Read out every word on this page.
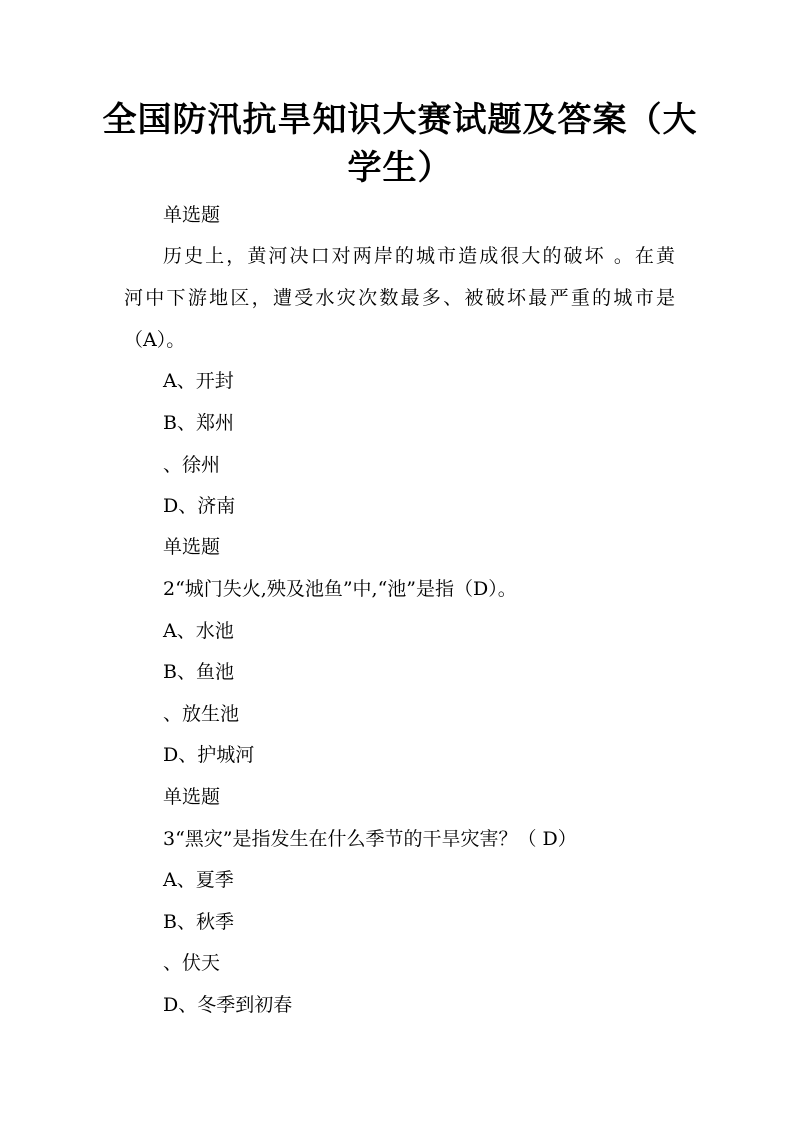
全国防汛抗旱知识大赛试题及答案（大
学生）

单选题

历史上，黄河决口对两岸的城市造成很大的破坏 。在黄

河中下游地区，遭受水灾次数最多、被破坏最严重的城市是

（A）。

A、开封

B、郑州

、徐州

D、济南

单选题

2“城门失火,殃及池鱼”中,“池”是指（D）。

A、水池

B、鱼池

、放生池

D、护城河

单选题

3“黑灾”是指发生在什么季节的干旱灾害？（ D）

A、夏季

B、秋季

、伏天

D、冬季到初春
